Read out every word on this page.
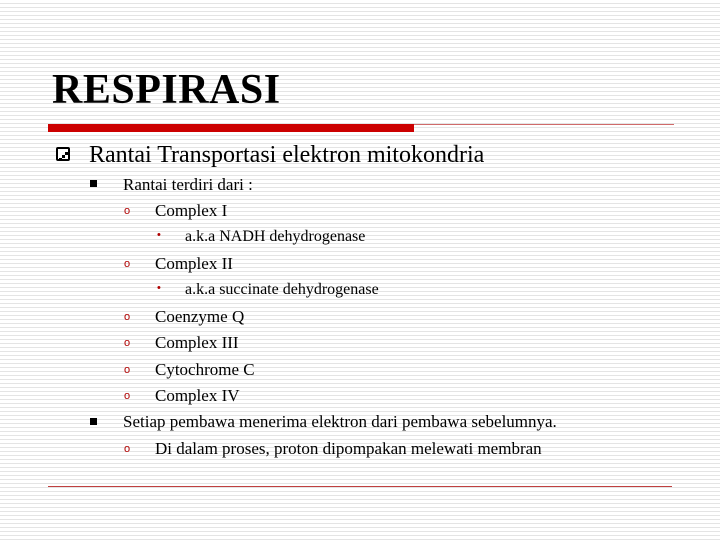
RESPIRASI
Rantai Transportasi elektron mitokondria
Rantai terdiri dari :
o Complex I
• a.k.a NADH dehydrogenase
o Complex II
• a.k.a succinate dehydrogenase
o Coenzyme Q
o Complex III
o Cytochrome C
o Complex IV
Setiap pembawa menerima elektron dari pembawa sebelumnya.
o Di dalam proses, proton dipompakan melewati membran
